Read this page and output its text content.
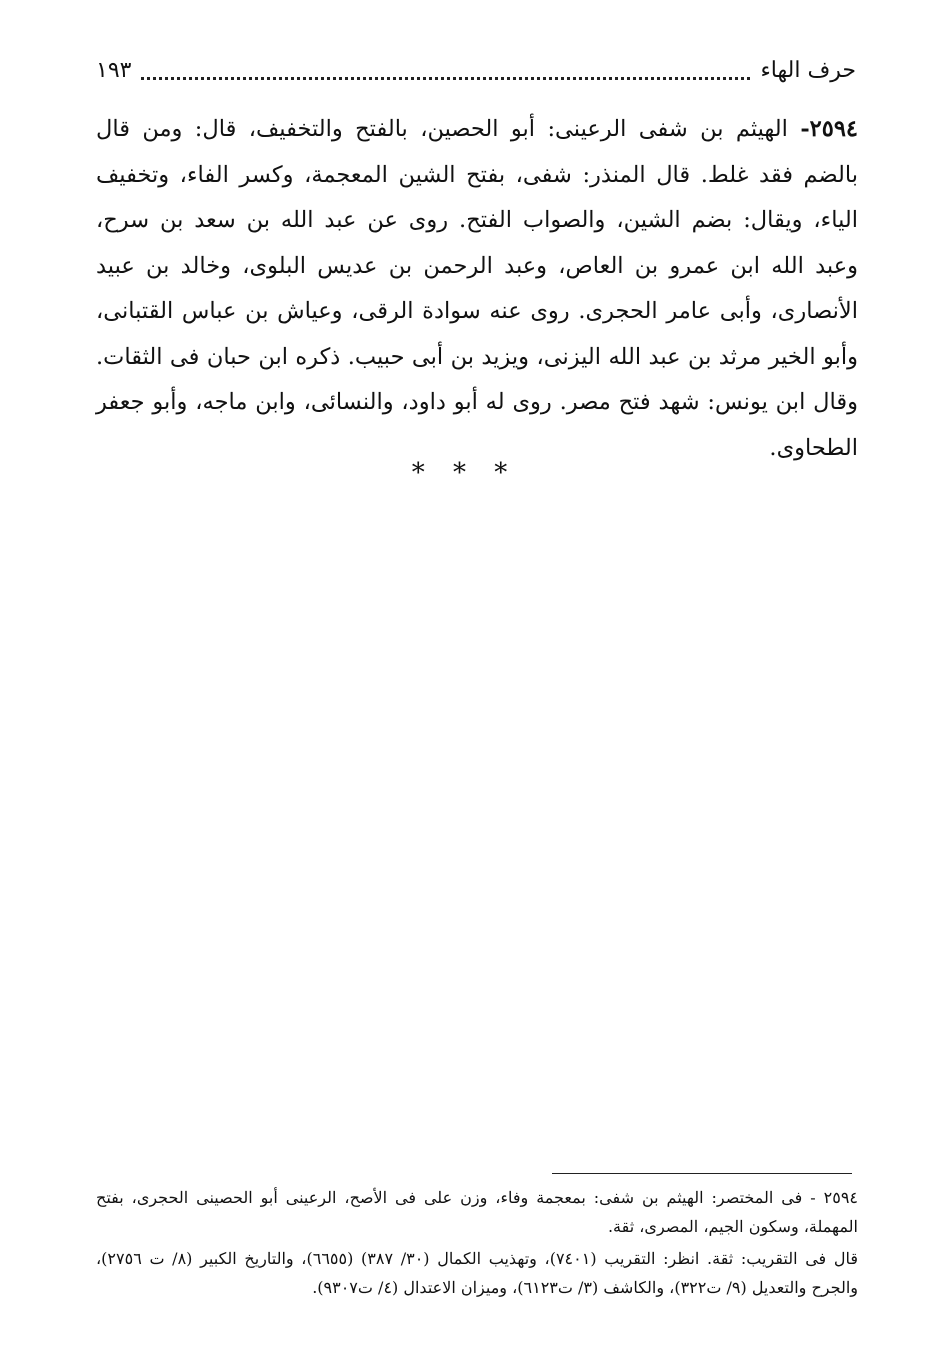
حرف الهاء
١٩٣
٢٥٩٤- الهيثم بن شفى الرعينى: أبو الحصين، بالفتح والتخفيف، قال: ومن قال بالضم فقد غلط. قال المنذر: شفى، بفتح الشين المعجمة، وكسر الفاء، وتخفيف الياء، ويقال: بضم الشين، والصواب الفتح. روى عن عبد الله بن سعد بن سرح، وعبد الله ابن عمرو بن العاص، وعبد الرحمن بن عديس البلوى، وخالد بن عبيد الأنصارى، وأبى عامر الحجرى. روى عنه سوادة الرقى، وعياش بن عباس القتبانى، وأبو الخير مرثد بن عبد الله اليزنى، ويزيد بن أبى حبيب. ذكره ابن حبان فى الثقات. وقال ابن يونس: شهد فتح مصر. روى له أبو داود، والنسائى، وابن ماجه، وأبو جعفر الطحاوى.
* * *

٢٥٩٤ - فى المختصر: الهيثم بن شفى: بمعجمة وفاء، وزن على فى الأصح، الرعينى أبو الحصينى الحجرى، بفتح المهملة، وسكون الجيم، المصرى، ثقة.

قال فى التقريب: ثقة. انظر: التقريب (٧٤٠١)، وتهذيب الكمال (٣٠/ ٣٨٧) (٦٦٥٥)، والتاريخ الكبير (٨/ ت ٢٧٥٦)، والجرح والتعديل (٩/ ت٣٢٢)، والكاشف (٣/ ت٦١٢٣)، وميزان الاعتدال (٤/ ت٩٣٠٧).
